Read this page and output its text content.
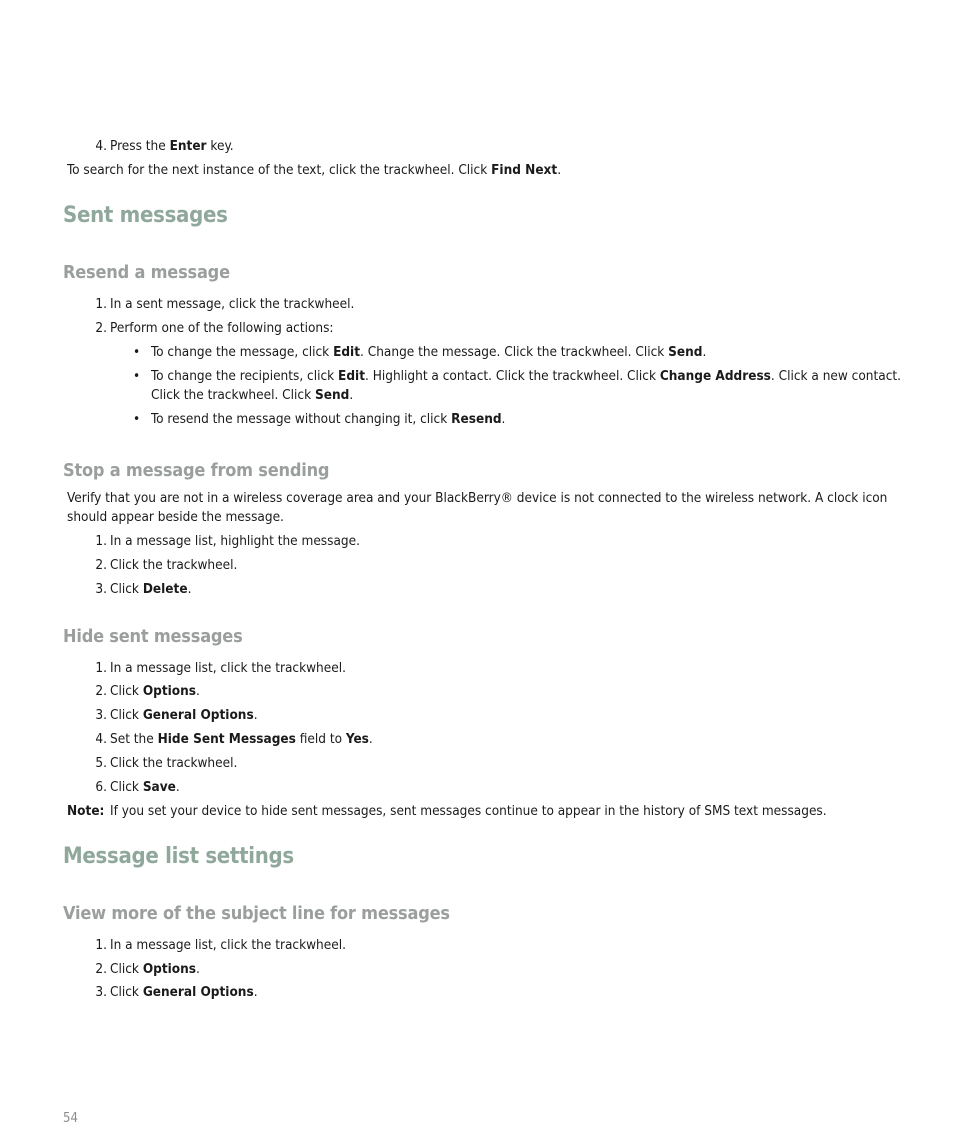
4. Press the Enter key.
To search for the next instance of the text, click the trackwheel. Click Find Next.
Sent messages
Resend a message
1. In a sent message, click the trackwheel.
2. Perform one of the following actions:
• To change the message, click Edit. Change the message. Click the trackwheel. Click Send.
• To change the recipients, click Edit. Highlight a contact. Click the trackwheel. Click Change Address. Click a new contact.
Click the trackwheel. Click Send.
• To resend the message without changing it, click Resend.
Stop a message from sending
Verify that you are not in a wireless coverage area and your BlackBerry® device is not connected to the wireless network. A clock icon
should appear beside the message.
1. In a message list, highlight the message.
2. Click the trackwheel.
3. Click Delete.
Hide sent messages
1. In a message list, click the trackwheel.
2. Click Options.
3. Click General Options.
4. Set the Hide Sent Messages field to Yes.
5. Click the trackwheel.
6. Click Save.
Note: If you set your device to hide sent messages, sent messages continue to appear in the history of SMS text messages.
Message list settings
View more of the subject line for messages
1. In a message list, click the trackwheel.
2. Click Options.
3. Click General Options.
54
